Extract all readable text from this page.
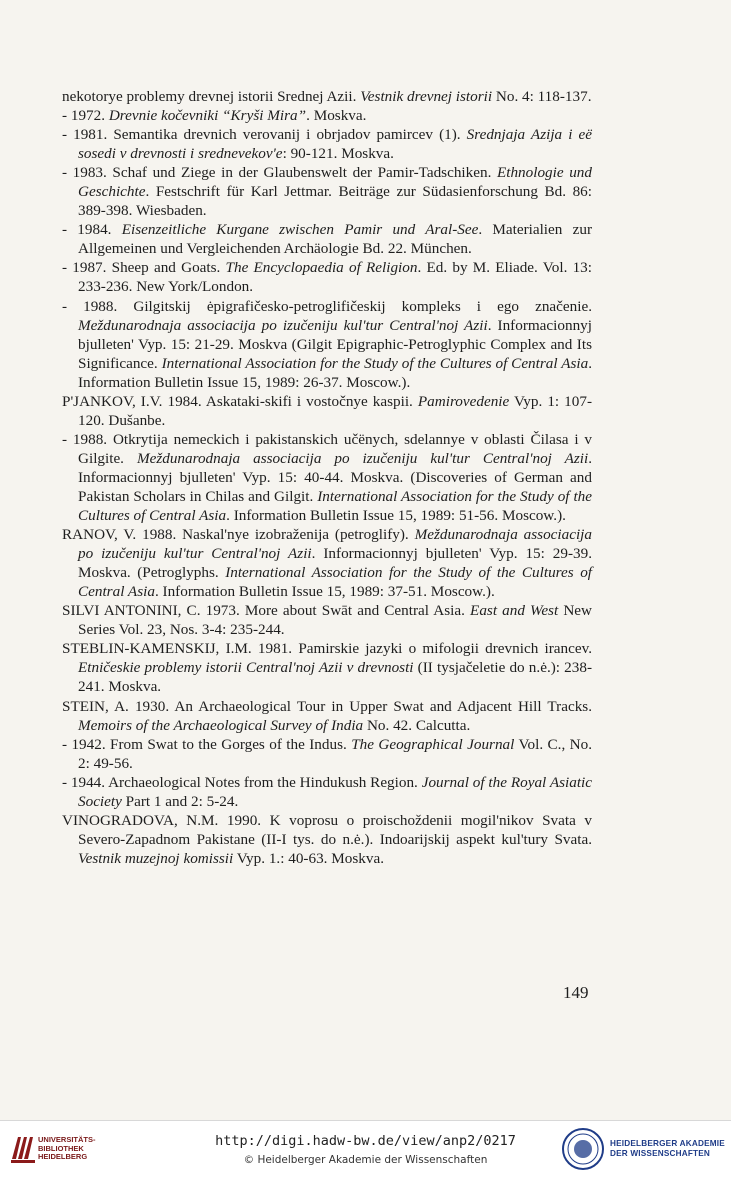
nekotorye problemy drevnej istorii Srednej Azii. Vestnik drevnej istorii No. 4: 118-137.

- 1972. Drevnie kočevniki “Kryši Mira”. Moskva.

- 1981. Semantika drevnich verovanij i obrjadov pamircev (1). Srednjaja Azija i eë sosedi v drevnosti i srednevekov'e: 90-121. Moskva.

- 1983. Schaf und Ziege in der Glaubenswelt der Pamir-Tadschiken. Ethnologie und Geschichte. Festschrift für Karl Jettmar. Beiträge zur Südasienforschung Bd. 86: 389-398. Wiesbaden.

- 1984. Eisenzeitliche Kurgane zwischen Pamir und Aral-See. Materialien zur Allgemeinen und Vergleichenden Archäologie Bd. 22. München.

- 1987. Sheep and Goats. The Encyclopaedia of Religion. Ed. by M. Eliade. Vol. 13: 233-236. New York/London.

- 1988. Gilgitskij ėpigrafičesko-petroglifičeskij kompleks i ego značenie. Meždunarodnaja associacija po izučeniju kul'tur Central'noj Azii. Informacionnyj bjulleten' Vyp. 15: 21-29. Moskva (Gilgit Epigraphic-Petroglyphic Complex and Its Significance. International Association for the Study of the Cultures of Central Asia. Information Bulletin Issue 15, 1989: 26-37. Moscow.).

P'JANKOV, I.V. 1984. Askataki-skifi i vostočnye kaspii. Pamirovedenie Vyp. 1: 107-120. Dušanbe.

- 1988. Otkrytija nemeckich i pakistanskich učënych, sdelannye v oblasti Čilasa i v Gilgite. Meždunarodnaja associacija po izučeniju kul'tur Central'noj Azii. Informacionnyj bjulleten' Vyp. 15: 40-44. Moskva. (Discoveries of German and Pakistan Scholars in Chilas and Gilgit. International Association for the Study of the Cultures of Central Asia. Information Bulletin Issue 15, 1989: 51-56. Moscow.).

RANOV, V. 1988. Naskal'nye izobraženija (petroglify). Meždunarodnaja associacija po izučeniju kul'tur Central'noj Azii. Informacionnyj bjulleten' Vyp. 15: 29-39. Moskva. (Petroglyphs. International Association for the Study of the Cultures of Central Asia. Information Bulletin Issue 15, 1989: 37-51. Moscow.).

SILVI ANTONINI, C. 1973. More about Swāt and Central Asia. East and West New Series Vol. 23, Nos. 3-4: 235-244.

STEBLIN-KAMENSKIJ, I.M. 1981. Pamirskie jazyki o mifologii drevnich irancev. Etničeskie problemy istorii Central'noj Azii v drevnosti (II tysjačeletie do n.ė.): 238-241. Moskva.

STEIN, A. 1930. An Archaeological Tour in Upper Swat and Adjacent Hill Tracks. Memoirs of the Archaeological Survey of India No. 42. Calcutta.

- 1942. From Swat to the Gorges of the Indus. The Geographical Journal Vol. C., No. 2: 49-56.

- 1944. Archaeological Notes from the Hindukush Region. Journal of the Royal Asiatic Society Part 1 and 2: 5-24.

VINOGRADOVA, N.M. 1990. K voprosu o proischoždenii mogil'nikov Svata v Severo-Zapadnom Pakistane (II-I tys. do n.ė.). Indoarijskij aspekt kul'tury Svata. Vestnik muzejnoj komissii Vyp. 1.: 40-63. Moskva.

149
UNIVERSITÄTS-
BIBLIOTHEK
HEIDELBERG
http://digi.hadw-bw.de/view/anp2/0217
© Heidelberger Akademie der Wissenschaften
HEIDELBERGER AKADEMIE
DER WISSENSCHAFTEN
